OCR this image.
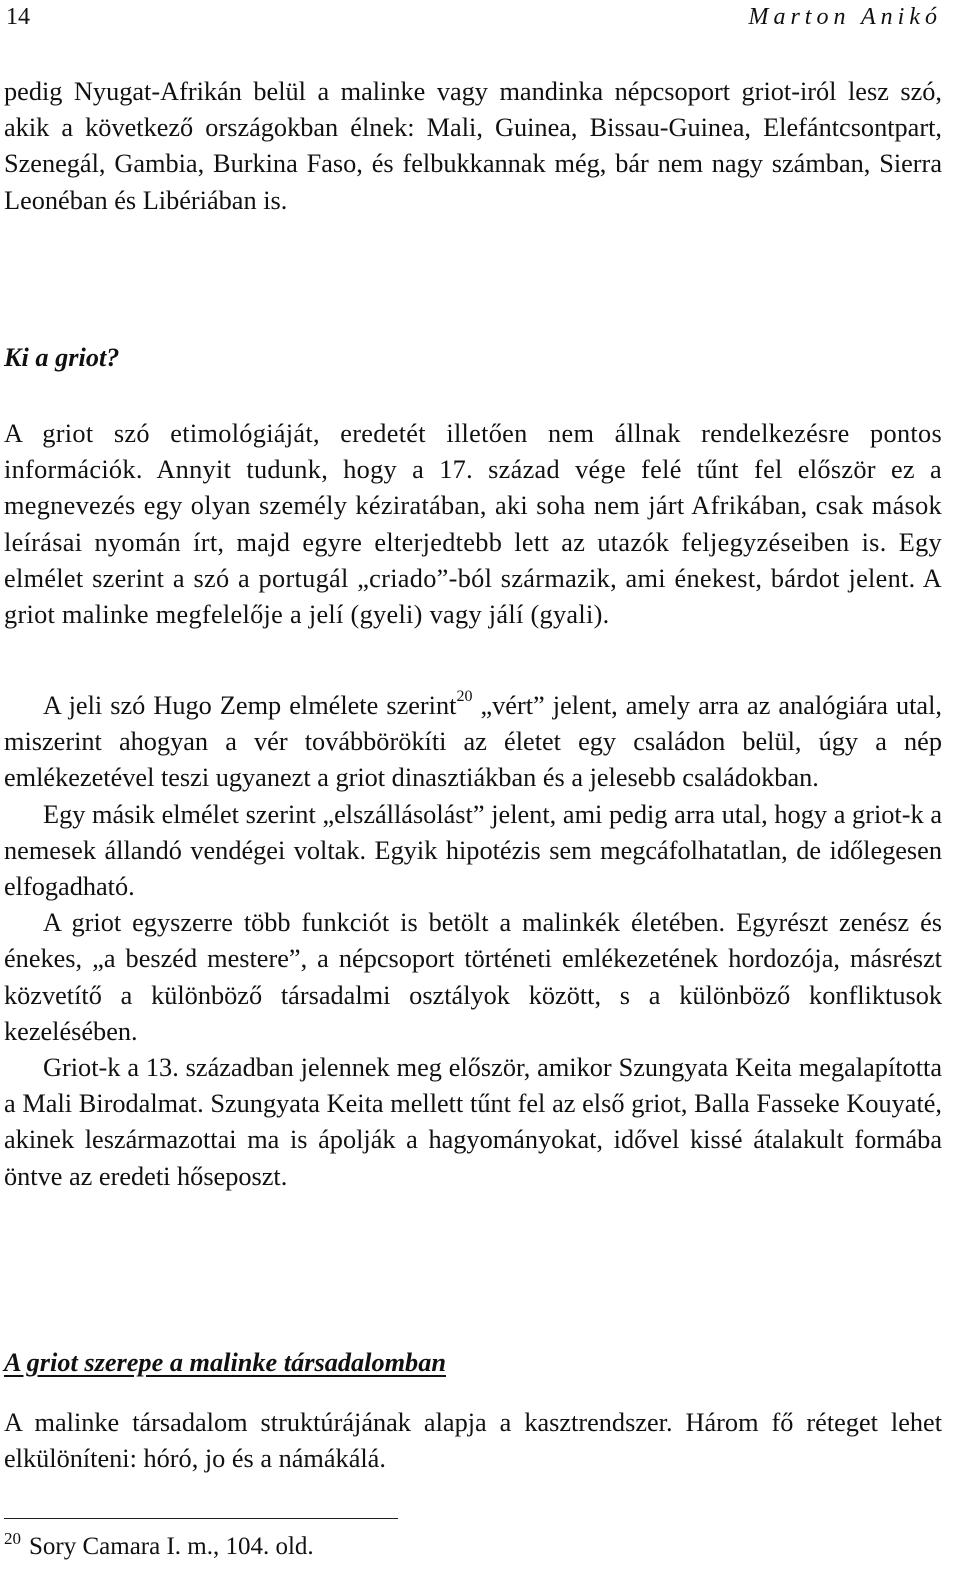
14	Marton Anikó

pedig Nyugat-Afrikán belül a malinke vagy mandinka népcsoport griot-iról lesz szó, akik a következő országokban élnek: Mali, Guinea, Bissau-Guinea, Elefántcsontpart, Szenegál, Gambia, Burkina Faso, és felbukkannak még, bár nem nagy számban, Sierra Leonéban és Libériában is.

Ki a griot?

A griot szó etimológiáját, eredetét illetően nem állnak rendelkezésre pontos információk. Annyit tudunk, hogy a 17. század vége felé tűnt fel először ez a megnevezés egy olyan személy kéziratában, aki soha nem járt Afrikában, csak mások leírásai nyomán írt, majd egyre elterjedtebb lett az utazók feljegyzéseiben is. Egy elmélet szerint a szó a portugál „criado”-ból származik, ami énekest, bárdot jelent. A griot malinke megfelelője a jelí (gyeli) vagy jálí (gyali).

A jeli szó Hugo Zemp elmélete szerint$^{20}$ „vért” jelent, amely arra az analógiára utal, miszerint ahogyan a vér továbbörökíti az életet egy családon belül, úgy a nép emlékezetével teszi ugyanezt a griot dinasztiákban és a jelesebb családokban.

Egy másik elmélet szerint „elszállásolást” jelent, ami pedig arra utal, hogy a griot-k a nemesek állandó vendégei voltak. Egyik hipotézis sem megcáfolhatatlan, de időlegesen elfogadható.

A griot egyszerre több funkciót is betölt a malinkék életében. Egyrészt zenész és énekes, „a beszéd mestere”, a népcsoport történeti emlékezetének hordozója, másrészt közvetítő a különböző társadalmi osztályok között, s a különböző konfliktusok kezelésében.

Griot-k a 13. században jelennek meg először, amikor Szungyata Keita megalapította a Mali Birodalmat. Szungyata Keita mellett tűnt fel az első griot, Balla Fasseke Kouyaté, akinek leszármazottai ma is ápolják a hagyományokat, idővel kissé átalakult formába öntve az eredeti hőseposzt.

A griot szerepe a malinke társadalomban

A malinke társadalom struktúrájának alapja a kasztrendszer. Három fő réteget lehet elkülöníteni: hóró, jo és a námákálá.

$^{20}$ Sory Camara I. m., 104. old.
